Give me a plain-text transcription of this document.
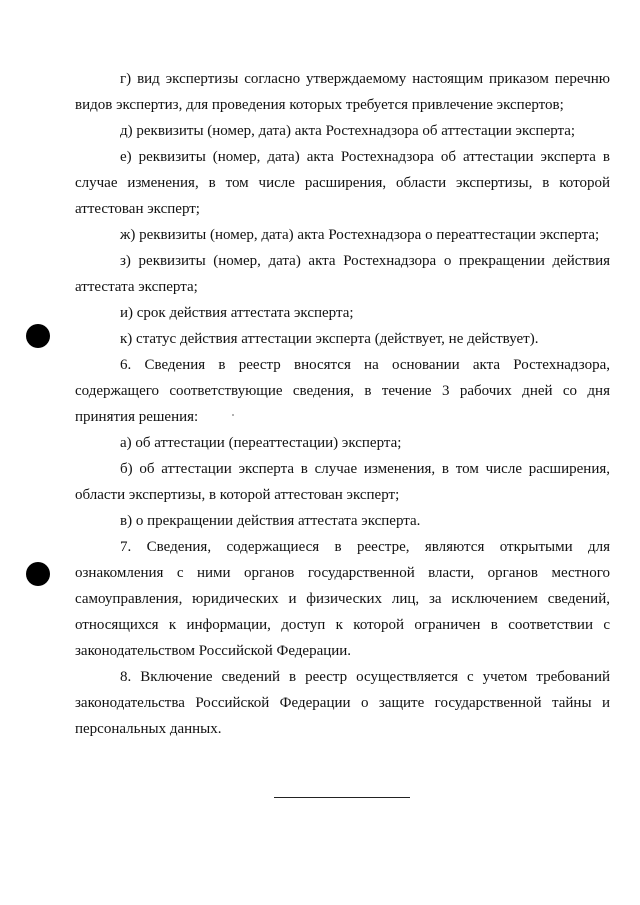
г) вид экспертизы согласно утверждаемому настоящим приказом перечню видов экспертиз, для проведения которых требуется привлечение экспертов;

д) реквизиты (номер, дата) акта Ростехнадзора об аттестации эксперта;

е) реквизиты (номер, дата) акта Ростехнадзора об аттестации эксперта в случае изменения, в том числе расширения, области экспертизы, в которой аттестован эксперт;

ж) реквизиты (номер, дата) акта Ростехнадзора о переаттестации эксперта;

з) реквизиты (номер, дата) акта Ростехнадзора о прекращении действия аттестата эксперта;

и) срок действия аттестата эксперта;

к) статус действия аттестации эксперта (действует, не действует).

6. Сведения в реестр вносятся на основании акта Ростехнадзора, содержащего соответствующие сведения, в течение 3 рабочих дней со дня принятия решения:

а) об аттестации (переаттестации) эксперта;

б) об аттестации эксперта в случае изменения, в том числе расширения, области экспертизы, в которой аттестован эксперт;

в) о прекращении действия аттестата эксперта.

7. Сведения, содержащиеся в реестре, являются открытыми для ознакомления с ними органов государственной власти, органов местного самоуправления, юридических и физических лиц, за исключением сведений, относящихся к информации, доступ к которой ограничен в соответствии с законодательством Российской Федерации.

8. Включение сведений в реестр осуществляется с учетом требований законодательства Российской Федерации о защите государственной тайны и персональных данных.
